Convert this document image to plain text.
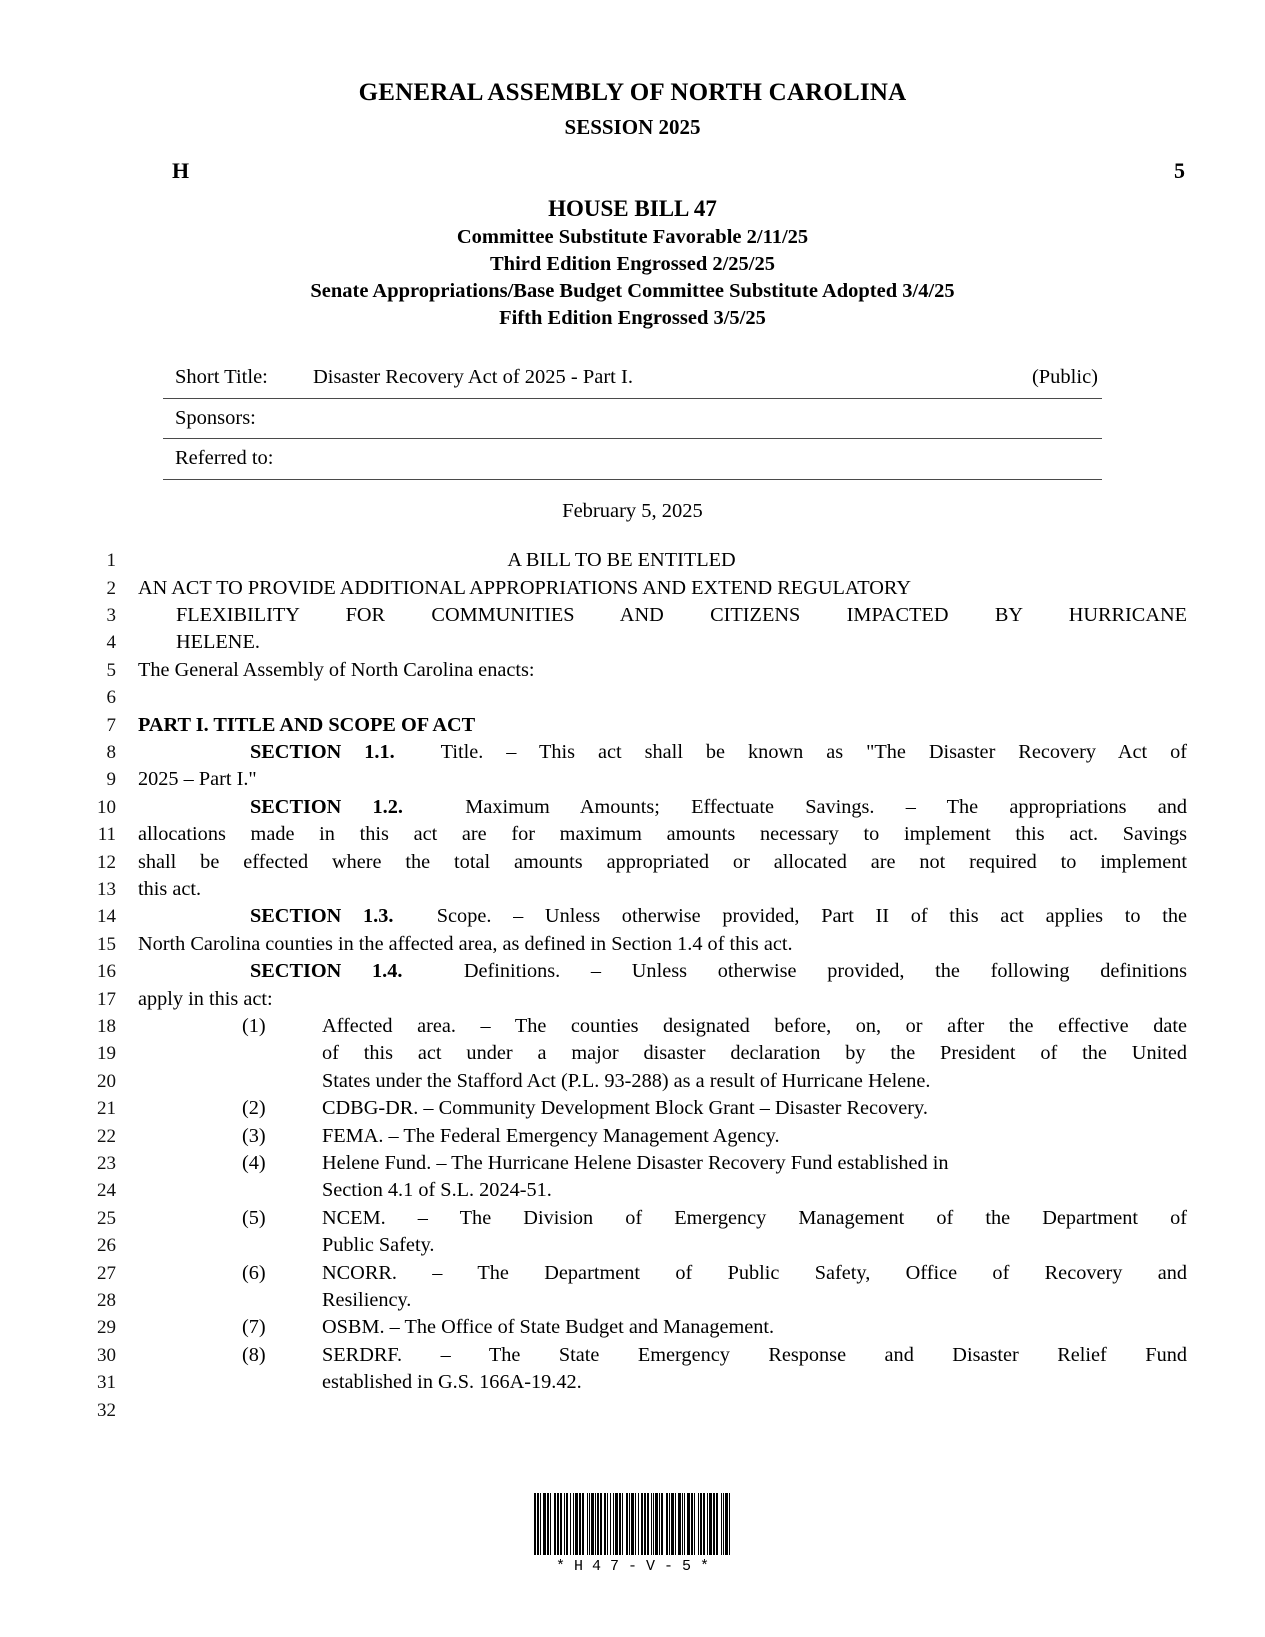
GENERAL ASSEMBLY OF NORTH CAROLINA
SESSION 2025
H	5
HOUSE BILL 47
Committee Substitute Favorable 2/11/25
Third Edition Engrossed 2/25/25
Senate Appropriations/Base Budget Committee Substitute Adopted 3/4/25
Fifth Edition Engrossed 3/5/25
Short Title:	Disaster Recovery Act of 2025 - Part I.	(Public)
Sponsors:
Referred to:
February 5, 2025
1	A BILL TO BE ENTITLED
2	AN ACT TO PROVIDE ADDITIONAL APPROPRIATIONS AND EXTEND REGULATORY
3	FLEXIBILITY FOR COMMUNITIES AND CITIZENS IMPACTED BY HURRICANE
4	HELENE.
5	The General Assembly of North Carolina enacts:
6
7	PART I. TITLE AND SCOPE OF ACT
8	SECTION 1.1.  Title. – This act shall be known as "The Disaster Recovery Act of
9	2025 – Part I."
10	SECTION 1.2.  Maximum Amounts; Effectuate Savings. – The appropriations and
11	allocations made in this act are for maximum amounts necessary to implement this act. Savings
12	shall be effected where the total amounts appropriated or allocated are not required to implement
13	this act.
14	SECTION 1.3.  Scope. – Unless otherwise provided, Part II of this act applies to the
15	North Carolina counties in the affected area, as defined in Section 1.4 of this act.
16	SECTION 1.4.  Definitions. – Unless otherwise provided, the following definitions
17	apply in this act:
18	(1)	Affected area. – The counties designated before, on, or after the effective date
19	of this act under a major disaster declaration by the President of the United
20	States under the Stafford Act (P.L. 93-288) as a result of Hurricane Helene.
21	(2)	CDBG-DR. – Community Development Block Grant – Disaster Recovery.
22	(3)	FEMA. – The Federal Emergency Management Agency.
23	(4)	Helene Fund. – The Hurricane Helene Disaster Recovery Fund established in
24	Section 4.1 of S.L. 2024-51.
25	(5)	NCEM. – The Division of Emergency Management of the Department of
26	Public Safety.
27	(6)	NCORR. – The Department of Public Safety, Office of Recovery and
28	Resiliency.
29	(7)	OSBM. – The Office of State Budget and Management.
30	(8)	SERDRF. – The State Emergency Response and Disaster Relief Fund
31	established in G.S. 166A-19.42.
32
*H47-V-5*
